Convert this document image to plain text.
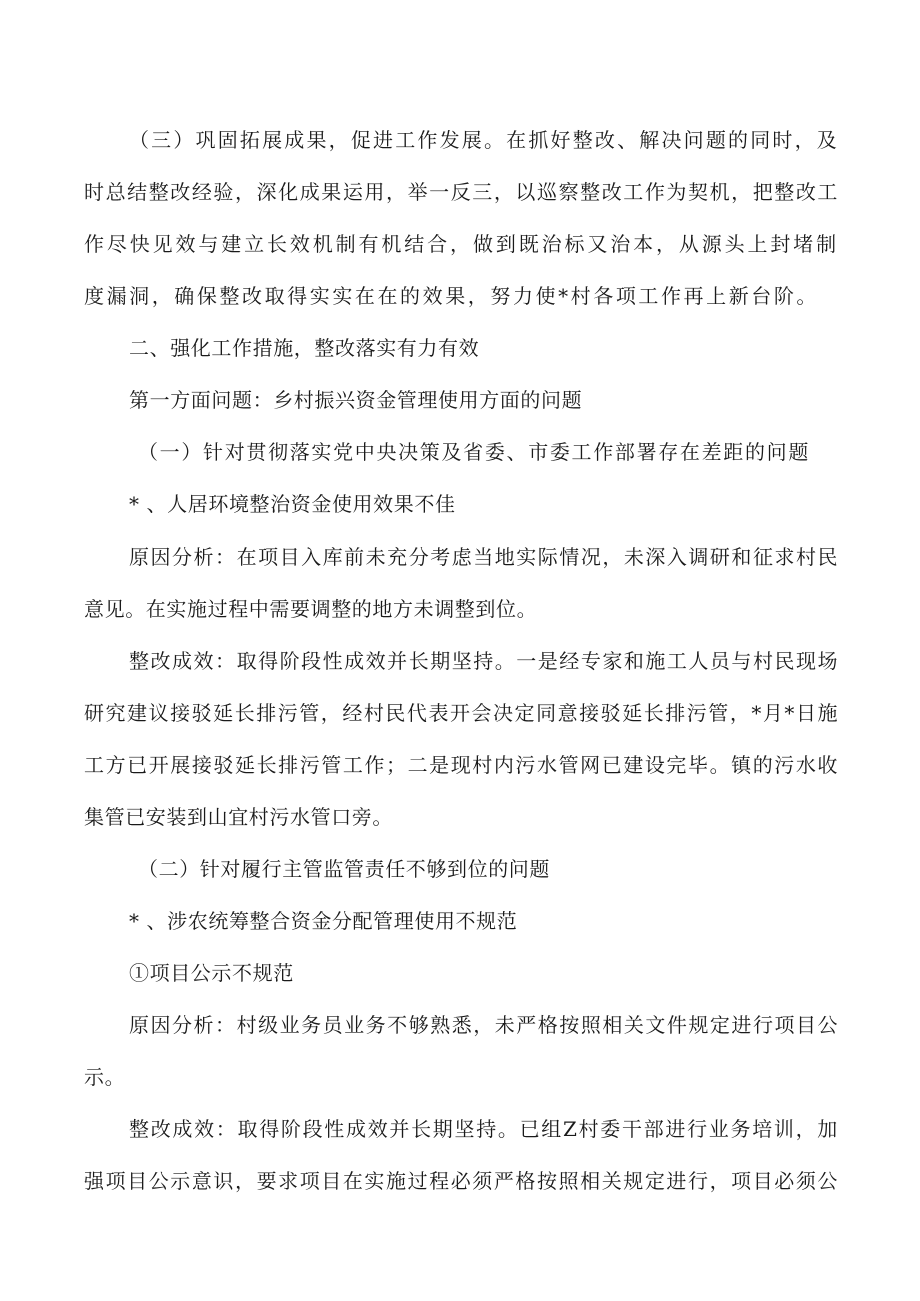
（三）巩固拓展成果，促进工作发展。在抓好整改、解决问题的同时，及
时总结整改经验，深化成果运用，举一反三，以巡察整改工作为契机，把整改工
作尽快见效与建立长效机制有机结合，做到既治标又治本，从源头上封堵制
度漏洞，确保整改取得实实在在的效果，努力使*村各项工作再上新台阶。
二、强化工作措施，整改落实有力有效
第一方面问题：乡村振兴资金管理使用方面的问题
（一）针对贯彻落实党中央决策及省委、市委工作部署存在差距的问题
* 、人居环境整治资金使用效果不佳
原因分析：在项目入库前未充分考虑当地实际情况，未深入调研和征求村民
意见。在实施过程中需要调整的地方未调整到位。
整改成效：取得阶段性成效并长期坚持。一是经专家和施工人员与村民现场
研究建议接驳延长排污管，经村民代表开会决定同意接驳延长排污管，*月*日施
工方已开展接驳延长排污管工作；二是现村内污水管网已建设完毕。镇的污水收
集管已安装到山宜村污水管口旁。
（二）针对履行主管监管责任不够到位的问题
* 、涉农统筹整合资金分配管理使用不规范
①项目公示不规范
原因分析：村级业务员业务不够熟悉，未严格按照相关文件规定进行项目公
示。
整改成效：取得阶段性成效并长期坚持。已组Z村委干部进行业务培训，加
强项目公示意识，要求项目在实施过程必须严格按照相关规定进行，项目必须公
